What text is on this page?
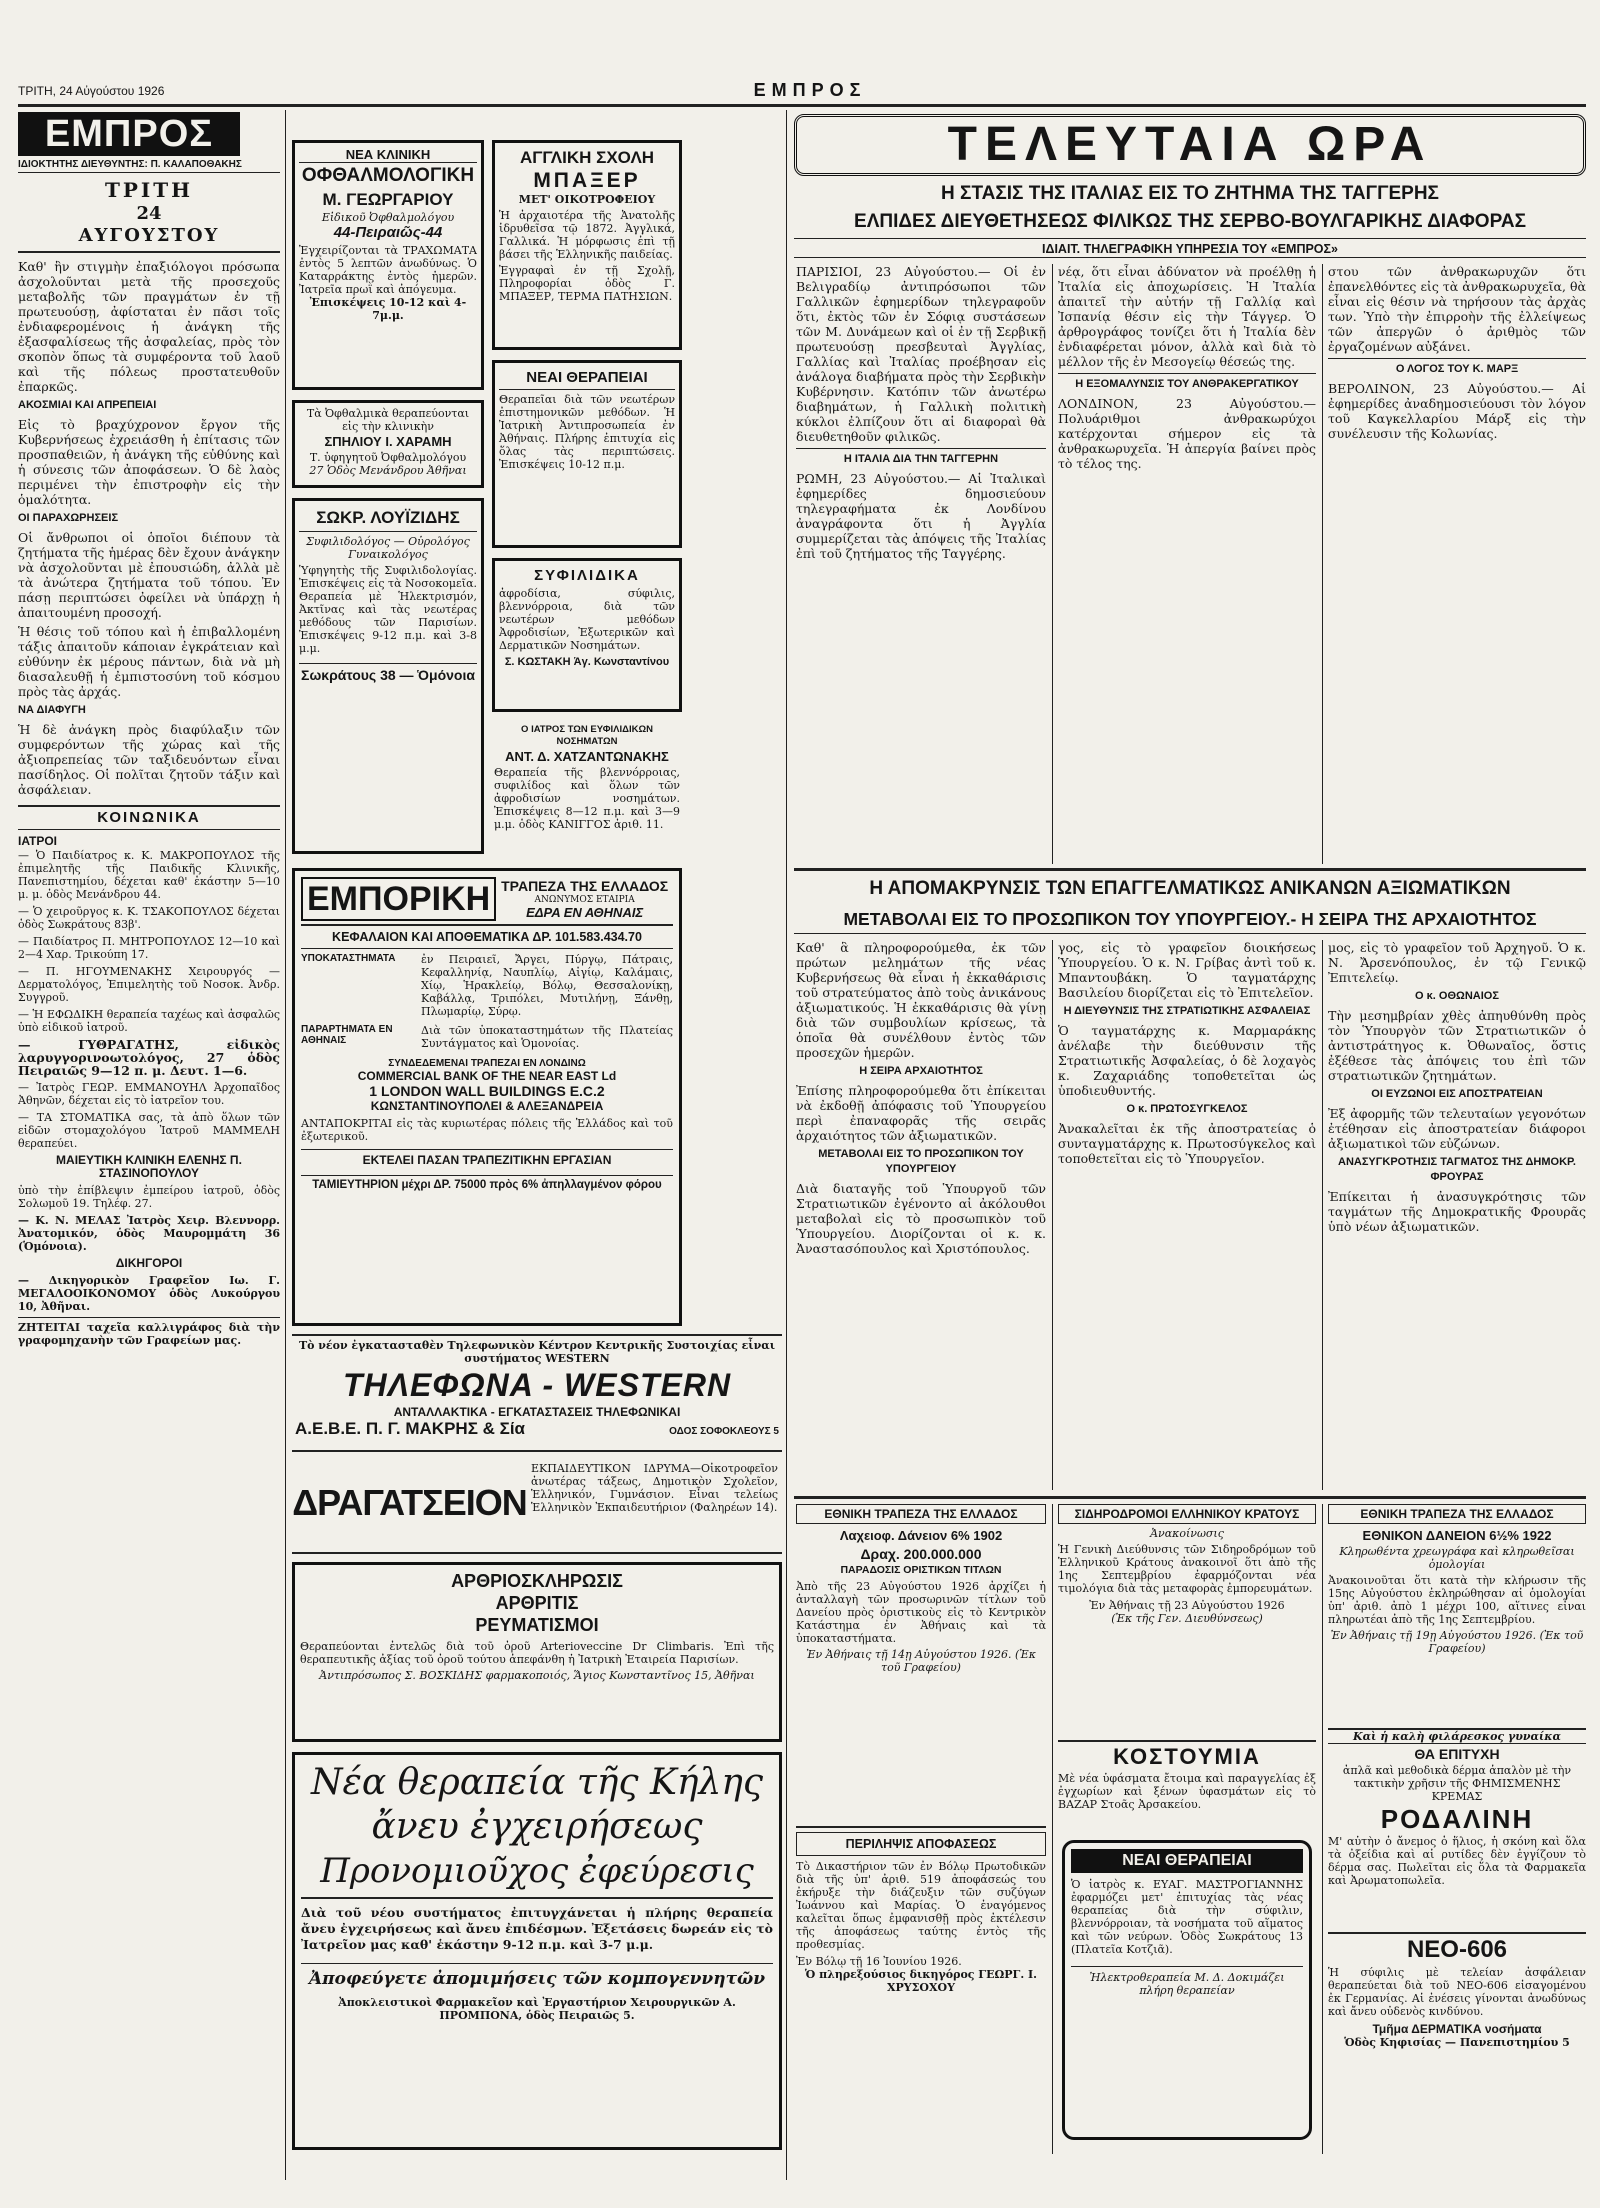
ΤΡΙΤΗ, 24 Αὐγούστου 1926	ΕΜΠΡΟΣ
ΕΜΠΡΟΣ
ΙΔΙΟΚΤΗΤΗΣ ΔΙΕΥΘΥΝΤΗΣ: Π. ΚΑΛΑΠΟΘΑΚΗΣ
ΤΡΙΤΗ
24
ΑΥΓΟΥΣΤΟΥ

Καθ' ἣν στιγμὴν ἐπαξιόλογοι πρόσωπα ἀσχολοῦνται μετὰ τῆς προσεχοῦς μεταβολῆς τῶν πραγμάτων ἐν τῇ πρωτευούσῃ, ἀφίσταται ἐν πᾶσι τοῖς ἐνδιαφερομένοις ἡ ἀνάγκη τῆς ἐξασφαλίσεως τῆς ἀσφαλείας, πρὸς τὸν σκοπὸν ὅπως τὰ συμφέροντα τοῦ λαοῦ καὶ τῆς πόλεως προστατευθοῦν ἐπαρκῶς.

ΑΚΟΣΜΙΑΙ ΚΑΙ ΑΠΡΕΠΕΙΑΙ

Εἰς τὸ βραχύχρονον ἔργον τῆς Κυβερνήσεως ἐχρειάσθη ἡ ἐπίτασις τῶν προσπαθειῶν, ἡ ἀνάγκη τῆς εὐθύνης καὶ ἡ σύνεσις τῶν ἀποφάσεων. Ὁ δὲ λαὸς περιμένει τὴν ἐπιστροφὴν εἰς τὴν ὁμαλότητα.

ΟΙ ΠΑΡΑΧΩΡΗΣΕΙΣ

Οἱ ἄνθρωποι οἱ ὁποῖοι διέπουν τὰ ζητήματα τῆς ἡμέρας δὲν ἔχουν ἀνάγκην νὰ ἀσχολοῦνται μὲ ἐπουσιώδη, ἀλλὰ μὲ τὰ ἀνώτερα ζητήματα τοῦ τόπου. Ἐν πάσῃ περιπτώσει ὀφείλει νὰ ὑπάρχῃ ἡ ἀπαιτουμένη προσοχή.

Ἡ θέσις τοῦ τόπου καὶ ἡ ἐπιβαλλομένη τάξις ἀπαιτοῦν κάποιαν ἐγκράτειαν καὶ εὐθύνην ἐκ μέρους πάντων, διὰ νὰ μὴ διασαλευθῇ ἡ ἐμπιστοσύνη τοῦ κόσμου πρὸς τὰς ἀρχάς.

ΝΑ ΔΙΑΦΥΓΗ

Ἡ δὲ ἀνάγκη πρὸς διαφύλαξιν τῶν συμφερόντων τῆς χώρας καὶ τῆς ἀξιοπρεπείας τῶν ταξιδευόντων εἶναι πασίδηλος. Οἱ πολῖται ζητοῦν τάξιν καὶ ἀσφάλειαν.

ΚΟΙΝΩΝΙΚΑ
ΙΑΤΡΟΙ

— Ὁ Παιδίατρος κ. Κ. ΜΑΚΡΟΠΟΥΛΟΣ τῆς ἐπιμελητῆς τῆς Παιδικῆς Κλινικῆς, Πανεπιστημίου, δέχεται καθ' ἑκάστην 5—10 μ. μ. ὁδὸς Μενάνδρου 44.

— Ὁ χειροῦργος κ. Κ. ΤΣΑΚΟΠΟΥΛΟΣ δέχεται ὁδὸς Σωκράτους 83β'.

— Παιδίατρος Π. ΜΗΤΡΟΠΟΥΛΟΣ 12—10 καὶ 2—4 Χαρ. Τρικούπη 17.

— Π. ΗΓΟΥΜΕΝΑΚΗΣ Χειρουργός — Δερματολόγος, Ἐπιμελητὴς τοῦ Νοσοκ. Ἀνδρ. Συγγροῦ.

— Ἡ ΕΦΩΔΙΚΗ θεραπεία ταχέως καὶ ἀσφαλῶς ὑπὸ εἰδικοῦ ἰατροῦ.

— ΓΥΘΡΑΓΑΤΗΣ, εἰδικὸς λαρυγγορινοωτολόγος, 27 ὁδὸς Πειραιῶς 9—12 π. μ. Δευτ. 1—6.

— Ἰατρὸς ΓΕΩΡ. ΕΜΜΑΝΟΥΗΛ Ἀρχοπαῖδος Ἀθηνῶν, δέχεται εἰς τὸ ἰατρεῖον του.

— ΤΑ ΣΤΟΜΑΤΙΚΑ σας, τὰ ἀπὸ ὅλων τῶν εἰδῶν στομαχολόγου Ἰατροῦ ΜΑΜΜΕΛΗ θεραπεύει.

ΜΑΙΕΥΤΙΚΗ ΚΛΙΝΙΚΗ ΕΛΕΝΗΣ Π. ΣΤΑΣΙΝΟΠΟΥΛΟΥ

ὑπὸ τὴν ἐπίβλεψιν ἐμπείρου ἰατροῦ, ὁδὸς Σολωμοῦ 19. Τηλέφ. 27.

— Κ. Ν. ΜΕΛΑΣ Ἰατρὸς Χειρ. Βλεννορρ. Ἀνατομικόν, ὁδὸς Μαυρομμάτη 36 (Ὁμόνοια).

ΔΙΚΗΓΟΡΟΙ

— Δικηγορικὸν Γραφεῖον Ιω. Γ. ΜΕΓΑΛΟΟΙΚΟΝΟΜΟΥ ὁδὸς Λυκούργου 10, Ἀθῆναι.

ΖΗΤΕΙΤΑΙ ταχεῖα καλλιγράφος διὰ τὴν γραφομηχανὴν τῶν Γραφείων μας.

ΝΕΑ ΚΛΙΝΙΚΗ
ΟΦΘΑΛΜΟΛΟΓΙΚΗ
Μ. ΓΕΩΡΓΑΡΙΟΥ
Εἰδικοῦ Ὀφθαλμολόγου
44-Πειραιῶς-44
Ἐγχειρίζονται τὰ ΤΡΑΧΩΜΑΤΑ ἐντὸς 5 λεπτῶν ἀνωδύνως. Ὁ Καταρράκτης ἐντὸς ἡμερῶν. Ἰατρεῖα πρωῒ καὶ ἀπόγευμα.
Ἐπισκέψεις 10-12 καὶ 4-7μ.μ.
Τὰ Ὀφθαλμικὰ θεραπεύονται εἰς τὴν κλινικὴν
ΣΠΗΛΙΟΥ Ι. ΧΑΡΑΜΗ
Τ. ὑφηγητοῦ Ὀφθαλμολόγου
27 Ὁδὸς Μενάνδρου Ἀθῆναι
ΣΩΚΡ. ΛΟΥΪΖΙΔΗΣ
Συφιλιδολόγος — Οὐρολόγος Γυναικολόγος
Ὑφηγητὴς τῆς Συφιλιδολογίας. Ἐπισκέψεις εἰς τὰ Νοσοκομεῖα. Θεραπεία μὲ Ἡλεκτρισμόν, Ἀκτῖνας καὶ τὰς νεωτέρας μεθόδους τῶν Παρισίων. Ἐπισκέψεις 9-12 π.μ. καὶ 3-8 μ.μ.
Σωκράτους 38 — Ὁμόνοια
ΑΓΓΛΙΚΗ ΣΧΟΛΗ
ΜΠΑΞΕΡ
ΜΕΤ' ΟΙΚΟΤΡΟΦΕΙΟΥ
Ἡ ἀρχαιοτέρα τῆς Ἀνατολῆς ἱδρυθεῖσα τῷ 1872. Ἀγγλικά, Γαλλικά. Ἡ μόρφωσις ἐπὶ τῇ βάσει τῆς Ἑλληνικῆς παιδείας.
Ἐγγραφαὶ ἐν τῇ Σχολῇ, Πληροφορίαι ὁδὸς Γ. ΜΠΑΞΕΡ, ΤΕΡΜΑ ΠΑΤΗΣΙΩΝ.
ΝΕΑΙ ΘΕΡΑΠΕΙΑΙ
Θεραπεῖαι διὰ τῶν νεωτέρων ἐπιστημονικῶν μεθόδων. Ἡ Ἰατρικὴ Ἀντιπροσωπεία ἐν Ἀθήναις. Πλήρης ἐπιτυχία εἰς ὅλας τὰς περιπτώσεις. Ἐπισκέψεις 10-12 π.μ.
ΣΥΦΙΛΙΔΙΚΑ
ἀφροδίσια, σύφιλις, βλεννόρροια, διὰ τῶν νεωτέρων μεθόδων Ἀφροδισίων, Ἐξωτερικῶν καὶ Δερματικῶν Νοσημάτων.
Σ. ΚΩΣΤΑΚΗ Ἁγ. Κωνσταντίνου
Ο ΙΑΤΡΟΣ ΤΩΝ ΕΥΦΙΛΙΔΙΚΩΝ ΝΟΣΗΜΑΤΩΝ
ΑΝΤ. Δ. ΧΑΤΖΑΝΤΩΝΑΚΗΣ
Θεραπεία τῆς βλεννόρροιας, συφιλίδος καὶ ὅλων τῶν ἀφροδισίων νοσημάτων. Ἐπισκέψεις 8—12 π.μ. καὶ 3—9 μ.μ. ὁδὸς ΚΑΝΙΓΓΟΣ ἀριθ. 11.
ΕΜΠΟΡΙΚΗ ΤΡΑΠΕΖΑ ΤΗΣ ΕΛΛΑΔΟΣ
ΑΝΩΝΥΜΟΣ ΕΤΑΙΡΙΑ
ΕΔΡΑ ΕΝ ΑΘΗΝΑΙΣ
ΚΕΦΑΛΑΙΟΝ ΚΑΙ ΑΠΟΘΕΜΑΤΙΚΑ ΔΡ. 101.583.434.70
ΥΠΟΚΑΤΑΣΤΗΜΑΤΑ	ἐν Πειραιεῖ, Ἄργει, Πύργῳ, Πάτραις, Κεφαλληνίᾳ, Ναυπλίῳ, Αἰγίῳ, Καλάμαις, Χίῳ, Ἡρακλείῳ, Βόλῳ, Θεσσαλονίκῃ, Καβάλλᾳ, Τριπόλει, Μυτιλήνῃ, Ξάνθῃ, Πλωμαρίῳ, Σύρῳ.
ΠΑΡΑΡΤΗΜΑΤΑ ΕΝ ΑΘΗΝΑΙΣ
Διὰ τῶν ὑποκαταστημάτων τῆς Πλατείας Συντάγματος καὶ Ὁμονοίας.
ΣΥΝΔΕΔΕΜΕΝΑΙ ΤΡΑΠΕΖΑΙ ΕΝ ΛΟΝΔΙΝΩ
COMMERCIAL BANK OF THE NEAR EAST Ld
1 LONDON WALL BUILDINGS E.C.2
ΚΩΝΣΤΑΝΤΙΝΟΥΠΟΛΕΙ & ΑΛΕΞΑΝΔΡΕΙΑ
ΑΝΤΑΠΟΚΡΙΤΑΙ εἰς τὰς κυριωτέρας πόλεις τῆς Ἑλλάδος καὶ τοῦ ἐξωτερικοῦ.
ΕΚΤΕΛΕΙ ΠΑΣΑΝ ΤΡΑΠΕΖΙΤΙΚΗΝ ΕΡΓΑΣΙΑΝ
ΤΑΜΙΕΥΤΗΡΙΟΝ μέχρι ΔΡ. 75000 πρὸς 6% ἀπηλλαγμένον φόρου
Τὸ νέον ἐγκατασταθὲν Τηλεφωνικὸν Κέντρον Κεντρικῆς Συστοιχίας εἶναι συστήματος WESTERN
ΤΗΛΕΦΩΝΑ - WESTERN
ΑΝΤΑΛΛΑΚΤΙΚΑ - ΕΓΚΑΤΑΣΤΑΣΕΙΣ ΤΗΛΕΦΩΝΙΚΑΙ
Α.Ε.Β.Ε. Π. Γ. ΜΑΚΡΗΣ & Σία	ΟΔΟΣ ΣΟΦΟΚΛΕΟΥΣ 5
ΔΡΑΓΑΤΣΕΙΟΝ
ΕΚΠΑΙΔΕΥΤΙΚΟΝ ΙΔΡΥΜΑ—Οἰκοτροφεῖον ἀνωτέρας τάξεως, Δημοτικὸν Σχολεῖον, Ἑλληνικόν, Γυμνάσιον. Εἶναι τελείως Ἑλληνικὸν Ἐκπαιδευτήριον (Φαληρέων 14).
ΑΡΘΡΙΟΣΚΛΗΡΩΣΙΣ
ΑΡΘΡΙΤΙΣ
ΡΕΥΜΑΤΙΣΜΟΙ
Θεραπεύονται ἐντελῶς διὰ τοῦ ὀροῦ Arterioveccine Dr Climbaris. Ἐπὶ τῆς θεραπευτικῆς ἀξίας τοῦ ὀροῦ τούτου ἀπεφάνθη ἡ Ἰατρικὴ Ἐταιρεία Παρισίων.
Ἀντιπρόσωπος Σ. ΒΟΣΚΙΔΗΣ φαρμακοποιός, Ἅγιος Κωνσταντῖνος 15, Ἀθῆναι
Νέα θεραπεία τῆς Κήλης
ἄνευ ἐγχειρήσεως
Προνομιοῦχος ἐφεύρεσις
Διὰ τοῦ νέου συστήματος ἐπιτυγχάνεται ἡ πλήρης θεραπεία ἄνευ ἐγχειρήσεως καὶ ἄνευ ἐπιδέσμων. Ἐξετάσεις δωρεάν εἰς τὸ Ἰατρεῖον μας καθ' ἑκάστην 9-12 π.μ. καὶ 3-7 μ.μ.
Ἀποφεύγετε ἀπομιμήσεις τῶν κομπογεννητῶν
Ἀποκλειστικοὶ Φαρμακεῖον καὶ Ἐργαστήριον Χειρουργικῶν Α. ΠΡΟΜΠΟΝΑ, ὁδὸς Πειραιῶς 5.
ΤΕΛΕΥΤΑΙΑ ΩΡΑ
Η ΣΤΑΣΙΣ ΤΗΣ ΙΤΑΛΙΑΣ ΕΙΣ ΤΟ ΖΗΤΗΜΑ ΤΗΣ ΤΑΓΓΕΡΗΣ
ΕΛΠΙΔΕΣ ΔΙΕΥΘΕΤΗΣΕΩΣ ΦΙΛΙΚΩΣ ΤΗΣ ΣΕΡΒΟ-ΒΟΥΛΓΑΡΙΚΗΣ ΔΙΑΦΟΡΑΣ
ΙΔΙΑΙΤ. ΤΗΛΕΓΡΑΦΙΚΗ ΥΠΗΡΕΣΙΑ ΤΟΥ «ΕΜΠΡΟΣ»

ΠΑΡΙΣΙΟΙ, 23 Αὐγούστου.— Οἱ ἐν Βελιγραδίῳ ἀντιπρόσωποι τῶν Γαλλικῶν ἐφημερίδων τηλεγραφοῦν ὅτι, ἐκτὸς τῶν ἐν Σόφιᾳ συστάσεων τῶν Μ. Δυνάμεων καὶ οἱ ἐν τῇ Σερβικῇ πρωτευούσῃ πρεσβευταὶ Ἀγγλίας, Γαλλίας καὶ Ἰταλίας προέβησαν εἰς ἀνάλογα διαβήματα πρὸς τὴν Σερβικὴν Κυβέρνησιν. Κατόπιν τῶν ἀνωτέρω διαβημάτων, ἡ Γαλλικὴ πολιτικὴ κύκλοι ἐλπίζουν ὅτι αἱ διαφοραὶ θὰ διευθετηθοῦν φιλικῶς.

Η ΙΤΑΛΙΑ ΔΙΑ ΤΗΝ ΤΑΓΓΕΡΗΝ

ΡΩΜΗ, 23 Αὐγούστου.— Αἱ Ἰταλικαὶ ἐφημερίδες δημοσιεύουν τηλεγραφήματα ἐκ Λονδίνου ἀναγράφοντα ὅτι ἡ Ἀγγλία συμμερίζεται τὰς ἀπόψεις τῆς Ἰταλίας ἐπὶ τοῦ ζητήματος τῆς Ταγγέρης.

νέᾳ, ὅτι εἶναι ἀδύνατον νὰ προέλθῃ ἡ Ἰταλία εἰς ἀποχωρίσεις. Ἡ Ἰταλία ἀπαιτεῖ τὴν αὐτήν τῇ Γαλλίᾳ καὶ Ἰσπανίᾳ θέσιν εἰς τὴν Τάγγερ. Ὁ ἀρθρογράφος τονίζει ὅτι ἡ Ἰταλία δὲν ἐνδιαφέρεται μόνον, ἀλλὰ καὶ διὰ τὸ μέλλον τῆς ἐν Μεσογείῳ θέσεώς της.

Η ΕΞΟΜΑΛΥΝΣΙΣ ΤΟΥ ΑΝΘΡΑΚΕΡΓΑΤΙΚΟΥ

ΛΟΝΔΙΝΟΝ, 23 Αὐγούστου.— Πολυάριθμοι ἀνθρακωρύχοι κατέρχονται σήμερον εἰς τὰ ἀνθρακωρυχεῖα. Ἡ ἀπεργία βαίνει πρὸς τὸ τέλος της.

στου τῶν ἀνθρακωρυχῶν ὅτι ἐπανελθόντες εἰς τὰ ἀνθρακωρυχεῖα, θὰ εἶναι εἰς θέσιν νὰ τηρήσουν τὰς ἀρχὰς των. Ὑπὸ τὴν ἐπιρροὴν τῆς ἐλλείψεως τῶν ἀπεργῶν ὁ ἀριθμὸς τῶν ἐργαζομένων αὐξάνει.

Ο ΛΟΓΟΣ ΤΟΥ Κ. ΜΑΡΞ

ΒΕΡΟΛΙΝΟΝ, 23 Αὐγούστου.— Αἱ ἐφημερίδες ἀναδημοσιεύουσι τὸν λόγον τοῦ Καγκελλαρίου Μάρξ εἰς τὴν συνέλευσιν τῆς Κολωνίας.

Η ΑΠΟΜΑΚΡΥΝΣΙΣ ΤΩΝ ΕΠΑΓΓΕΛΜΑΤΙΚΩΣ ΑΝΙΚΑΝΩΝ ΑΞΙΩΜΑΤΙΚΩΝ
ΜΕΤΑΒΟΛΑΙ ΕΙΣ ΤΟ ΠΡΟΣΩΠΙΚΟΝ ΤΟΥ ΥΠΟΥΡΓΕΙΟΥ.- Η ΣΕΙΡΑ ΤΗΣ ΑΡΧΑΙΟΤΗΤΟΣ

Καθ' ἃ πληροφορούμεθα, ἐκ τῶν πρώτων μελημάτων τῆς νέας Κυβερνήσεως θὰ εἶναι ἡ ἐκκαθάρισις τοῦ στρατεύματος ἀπὸ τοὺς ἀνικάνους ἀξιωματικούς. Ἡ ἐκκαθάρισις θὰ γίνῃ διὰ τῶν συμβουλίων κρίσεως, τὰ ὁποῖα θὰ συνέλθουν ἐντὸς τῶν προσεχῶν ἡμερῶν.

Η ΣΕΙΡΑ ΑΡΧΑΙΟΤΗΤΟΣ

Ἐπίσης πληροφορούμεθα ὅτι ἐπίκειται νὰ ἐκδοθῇ ἀπόφασις τοῦ Ὑπουργείου περὶ ἐπαναφορᾶς τῆς σειρᾶς ἀρχαιότητος τῶν ἀξιωματικῶν.

ΜΕΤΑΒΟΛΑΙ ΕΙΣ ΤΟ ΠΡΟΣΩΠΙΚΟΝ ΤΟΥ ΥΠΟΥΡΓΕΙΟΥ

Διὰ διαταγῆς τοῦ Ὑπουργοῦ τῶν Στρατιωτικῶν ἐγένοντο αἱ ἀκόλουθοι μεταβολαὶ εἰς τὸ προσωπικὸν τοῦ Ὑπουργείου. Διορίζονται οἱ κ. κ. Ἀναστασόπουλος καὶ Χριστόπουλος.

γος, εἰς τὸ γραφεῖον διοικήσεως Ὑπουργείου. Ὁ κ. Ν. Γρίβας ἀντὶ τοῦ κ. Μπαντουβάκη. Ὁ ταγματάρχης Βασιλείου διορίζεται εἰς τὸ Ἐπιτελεῖον.

Η ΔΙΕΥΘΥΝΣΙΣ ΤΗΣ ΣΤΡΑΤΙΩΤΙΚΗΣ ΑΣΦΑΛΕΙΑΣ

Ὁ ταγματάρχης κ. Μαρμαράκης ἀνέλαβε τὴν διεύθυνσιν τῆς Στρατιωτικῆς Ἀσφαλείας, ὁ δὲ λοχαγὸς κ. Ζαχαριάδης τοποθετεῖται ὡς ὑποδιευθυντής.

Ο κ. ΠΡΩΤΟΣΥΓΚΕΛΟΣ

Ἀνακαλεῖται ἐκ τῆς ἀποστρατείας ὁ συνταγματάρχης κ. Πρωτοσύγκελος καὶ τοποθετεῖται εἰς τὸ Ὑπουργεῖον.

μος, εἰς τὸ γραφεῖον τοῦ Ἀρχηγοῦ. Ὁ κ. Ν. Ἄρσενόπουλος, ἐν τῷ Γενικῷ Ἐπιτελείῳ.

Ο κ. ΟΘΩΝΑΙΟΣ

Τὴν μεσημβρίαν χθὲς ἀπηυθύνθη πρὸς τὸν Ὑπουργὸν τῶν Στρατιωτικῶν ὁ ἀντιστράτηγος κ. Ὀθωναῖος, ὅστις ἐξέθεσε τὰς ἀπόψεις του ἐπὶ τῶν στρατιωτικῶν ζητημάτων.

ΟΙ ΕΥΖΩΝΟΙ ΕΙΣ ΑΠΟΣΤΡΑΤΕΙΑΝ

Ἐξ ἀφορμῆς τῶν τελευταίων γεγονότων ἐτέθησαν εἰς ἀποστρατείαν διάφοροι ἀξιωματικοὶ τῶν εὐζώνων.

ΑΝΑΣΥΓΚΡΟΤΗΣΙΣ ΤΑΓΜΑΤΟΣ ΤΗΣ ΔΗΜΟΚΡ. ΦΡΟΥΡΑΣ

Ἐπίκειται ἡ ἀνασυγκρότησις τῶν ταγμάτων τῆς Δημοκρατικῆς Φρουρᾶς ὑπὸ νέων ἀξιωματικῶν.

ΕΘΝΙΚΗ ΤΡΑΠΕΖΑ ΤΗΣ ΕΛΛΑΔΟΣ
Λαχειοφ. Δάνειον 6% 1902
Δραχ. 200.000.000
ΠΑΡΑΔΟΣΙΣ ΟΡΙΣΤΙΚΩΝ ΤΙΤΛΩΝ
Ἀπὸ τῆς 23 Αὐγούστου 1926 ἀρχίζει ἡ ἀνταλλαγὴ τῶν προσωρινῶν τίτλων τοῦ Δανείου πρὸς ὁριστικοὺς εἰς τὸ Κεντρικὸν Κατάστημα ἐν Ἀθήναις καὶ τὰ ὑποκαταστήματα.
Ἐν Ἀθήναις τῇ 14ῃ Αὐγούστου 1926. (Ἐκ τοῦ Γραφείου)
ΠΕΡΙΛΗΨΙΣ ΑΠΟΦΑΣΕΩΣ
Τὸ Δικαστήριον τῶν ἐν Βόλῳ Πρωτοδικῶν διὰ τῆς ὑπ' ἀριθ. 519 ἀποφάσεώς του ἐκήρυξε τὴν διάζευξιν τῶν συζύγων Ἰωάννου καὶ Μαρίας. Ὁ ἐναγόμενος καλεῖται ὅπως ἐμφανισθῇ πρὸς ἐκτέλεσιν τῆς ἀποφάσεως ταύτης ἐντὸς τῆς προθεσμίας.
Ἐν Βόλῳ τῇ 16 Ἰουνίου 1926.
Ὁ πληρεξούσιος δικηγόρος ΓΕΩΡΓ. Ι. ΧΡΥΣΟΧΟΥ
ΣΙΔΗΡΟΔΡΟΜΟΙ ΕΛΛΗΝΙΚΟΥ ΚΡΑΤΟΥΣ
Ἀνακοίνωσις
Ἡ Γενικὴ Διεύθυνσις τῶν Σιδηροδρόμων τοῦ Ἑλληνικοῦ Κράτους ἀνακοινοῖ ὅτι ἀπὸ τῆς 1ης Σεπτεμβρίου ἐφαρμόζονται νέα τιμολόγια διὰ τὰς μεταφορὰς ἐμπορευμάτων.
Ἐν Ἀθήναις τῇ 23 Αὐγούστου 1926
(Ἐκ τῆς Γεν. Διευθύνσεως)
ΚΟΣΤΟΥΜΙΑ
Μὲ νέα ὑφάσματα ἔτοιμα καὶ παραγγελίας ἐξ ἐγχωρίων καὶ ξένων ὑφασμάτων εἰς τὸ ΒΑΖΑΡ Στοᾶς Ἀρσακείου.
ΝΕΑΙ ΘΕΡΑΠΕΙΑΙ
Ὁ ἰατρὸς κ. ΕΥΑΓ. ΜΑΣΤΡΟΓΙΑΝΝΗΣ ἐφαρμόζει μετ' ἐπιτυχίας τὰς νέας θεραπείας διὰ τὴν σύφιλιν, βλεννόρροιαν, τὰ νοσήματα τοῦ αἵματος καὶ τῶν νεύρων. Ὁδὸς Σωκράτους 13 (Πλατεῖα Κοτζιᾶ).
Ἠλεκτροθεραπεία Μ. Δ. Δοκιμάζει πλήρη θεραπείαν
ΕΘΝΙΚΗ ΤΡΑΠΕΖΑ ΤΗΣ ΕΛΛΑΔΟΣ
ΕΘΝΙΚΟΝ ΔΑΝΕΙΟΝ 6½% 1922
Κληρωθέντα χρεωγράφα καὶ κληρωθεῖσαι ὁμολογίαι
Ἀνακοινοῦται ὅτι κατὰ τὴν κλήρωσιν τῆς 15ης Αὐγούστου ἐκληρώθησαν αἱ ὁμολογίαι ὑπ' ἀριθ. ἀπὸ 1 μέχρι 100, αἵτινες εἶναι πληρωτέαι ἀπὸ τῆς 1ης Σεπτεμβρίου.
Ἐν Ἀθήναις τῇ 19ῃ Αὐγούστου 1926. (Ἐκ τοῦ Γραφείου)
Καὶ ἡ καλὴ φιλάρεσκος γυναίκα
ΘΑ ΕΠΙΤΥΧΗ
ἀπλᾶ καὶ μεθοδικὰ δέρμα ἁπαλὸν μὲ τὴν τακτικὴν χρῆσιν τῆς ΦΗΜΙΣΜΕΝΗΣ ΚΡΕΜΑΣ
ΡΟΔΑΛΙΝΗ
Μ' αὐτὴν ὁ ἄνεμος ὁ ἥλιος, ἡ σκόνη καὶ ὅλα τὰ ὀξείδια καὶ αἱ ρυτίδες δὲν ἐγγίζουν τὸ δέρμα σας. Πωλεῖται εἰς ὅλα τὰ Φαρμακεῖα καὶ Ἀρωματοπωλεῖα.
ΝΕΟ-606
Ἡ σύφιλις μὲ τελείαν ἀσφάλειαν θεραπεύεται διὰ τοῦ ΝΕΟ-606 εἰσαγομένου ἐκ Γερμανίας. Αἱ ἐνέσεις γίνονται ἀνωδύνως καὶ ἄνευ οὐδενὸς κινδύνου.
Τμῆμα ΔΕΡΜΑΤΙΚΑ νοσήματα
Ὁδὸς Κηφισίας — Πανεπιστημίου 5
